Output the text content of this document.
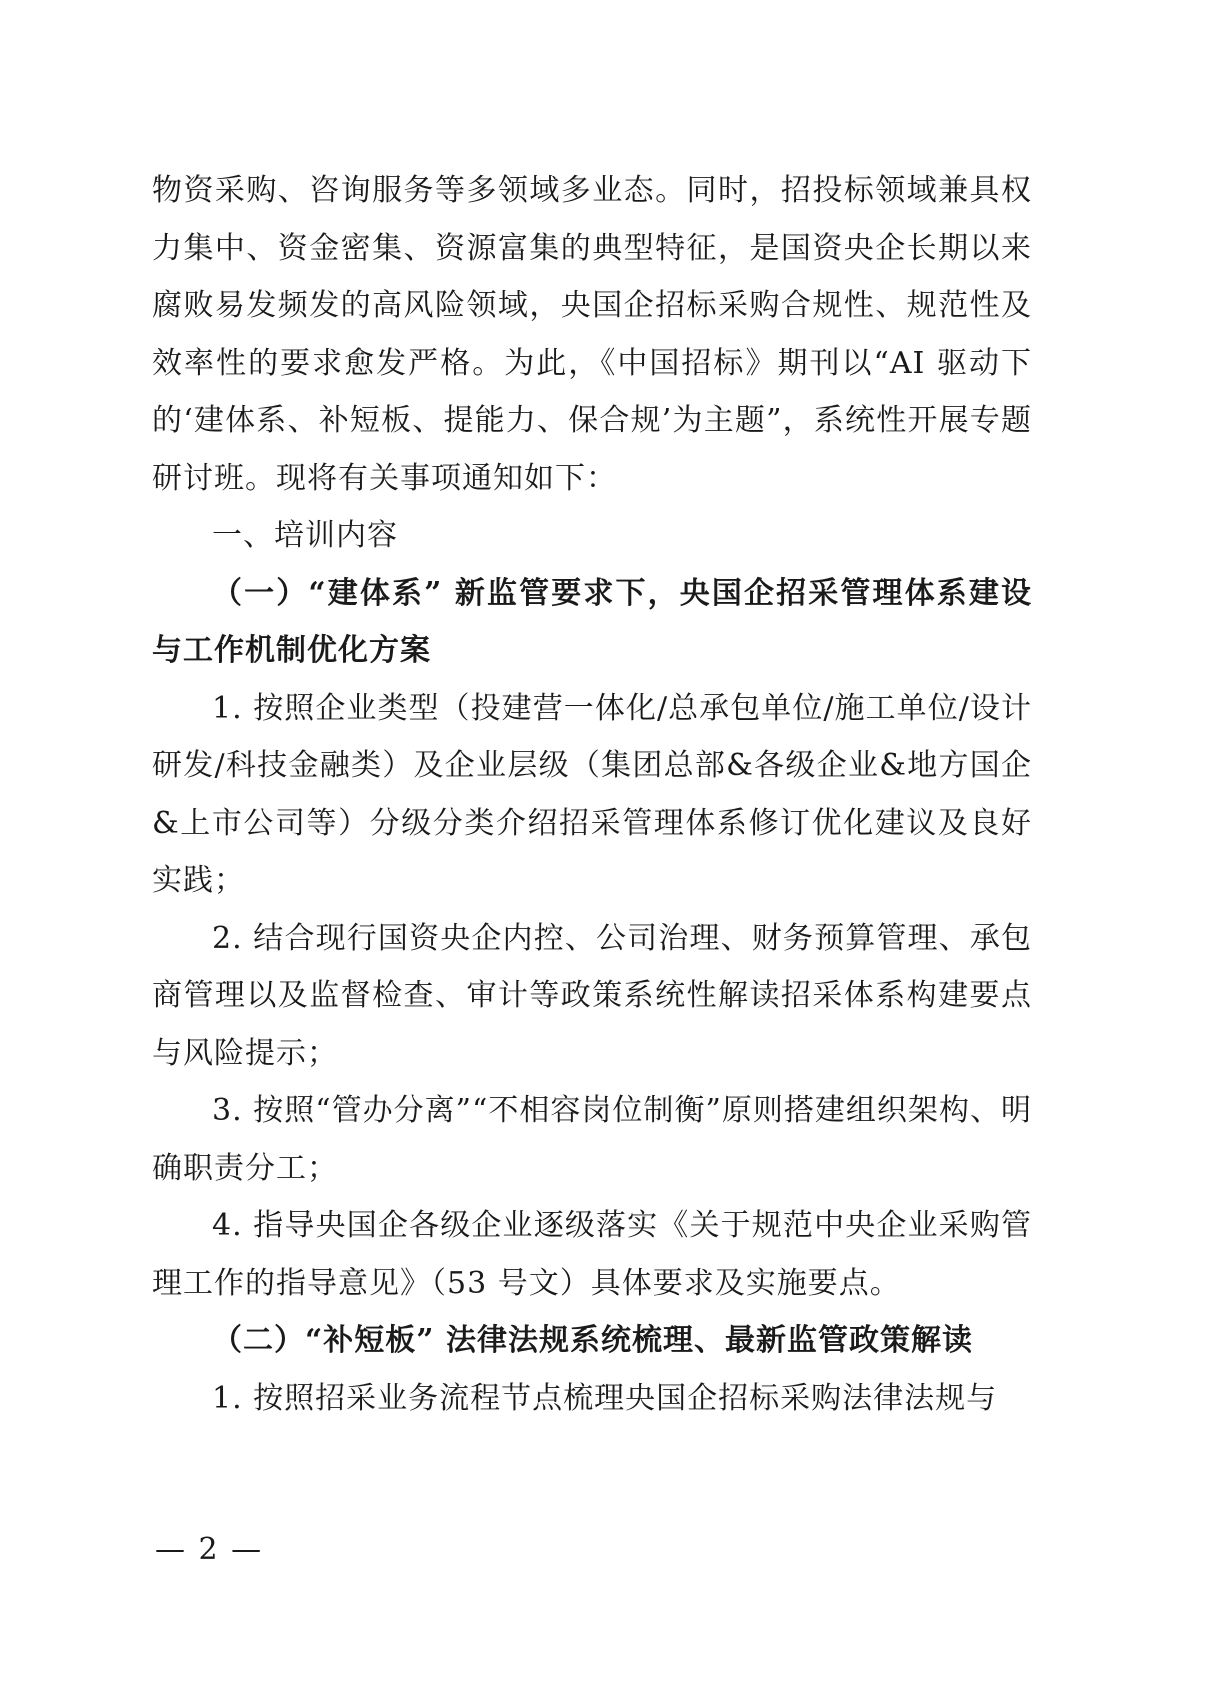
物资采购、咨询服务等多领域多业态。同时，招投标领域兼具权力集中、资金密集、资源富集的典型特征，是国资央企长期以来腐败易发频发的高风险领域，央国企招标采购合规性、规范性及效率性的要求愈发严格。为此，《中国招标》期刊以“AI 驱动下的‘建体系、补短板、提能力、保合规’为主题”，系统性开展专题研讨班。现将有关事项通知如下：

一、培训内容

（一）“建体系” 新监管要求下，央国企招采管理体系建设与工作机制优化方案

1. 按照企业类型（投建营一体化/总承包单位/施工单位/设计研发/科技金融类）及企业层级（集团总部&各级企业&地方国企&上市公司等）分级分类介绍招采管理体系修订优化建议及良好实践；

2. 结合现行国资央企内控、公司治理、财务预算管理、承包商管理以及监督检查、审计等政策系统性解读招采体系构建要点与风险提示；

3. 按照“管办分离”“不相容岗位制衡”原则搭建组织架构、明确职责分工；

4. 指导央国企各级企业逐级落实《关于规范中央企业采购管理工作的指导意见》（53 号文）具体要求及实施要点。

（二）“补短板” 法律法规系统梳理、最新监管政策解读

1. 按照招采业务流程节点梳理央国企招标采购法律法规与

— 2 —
